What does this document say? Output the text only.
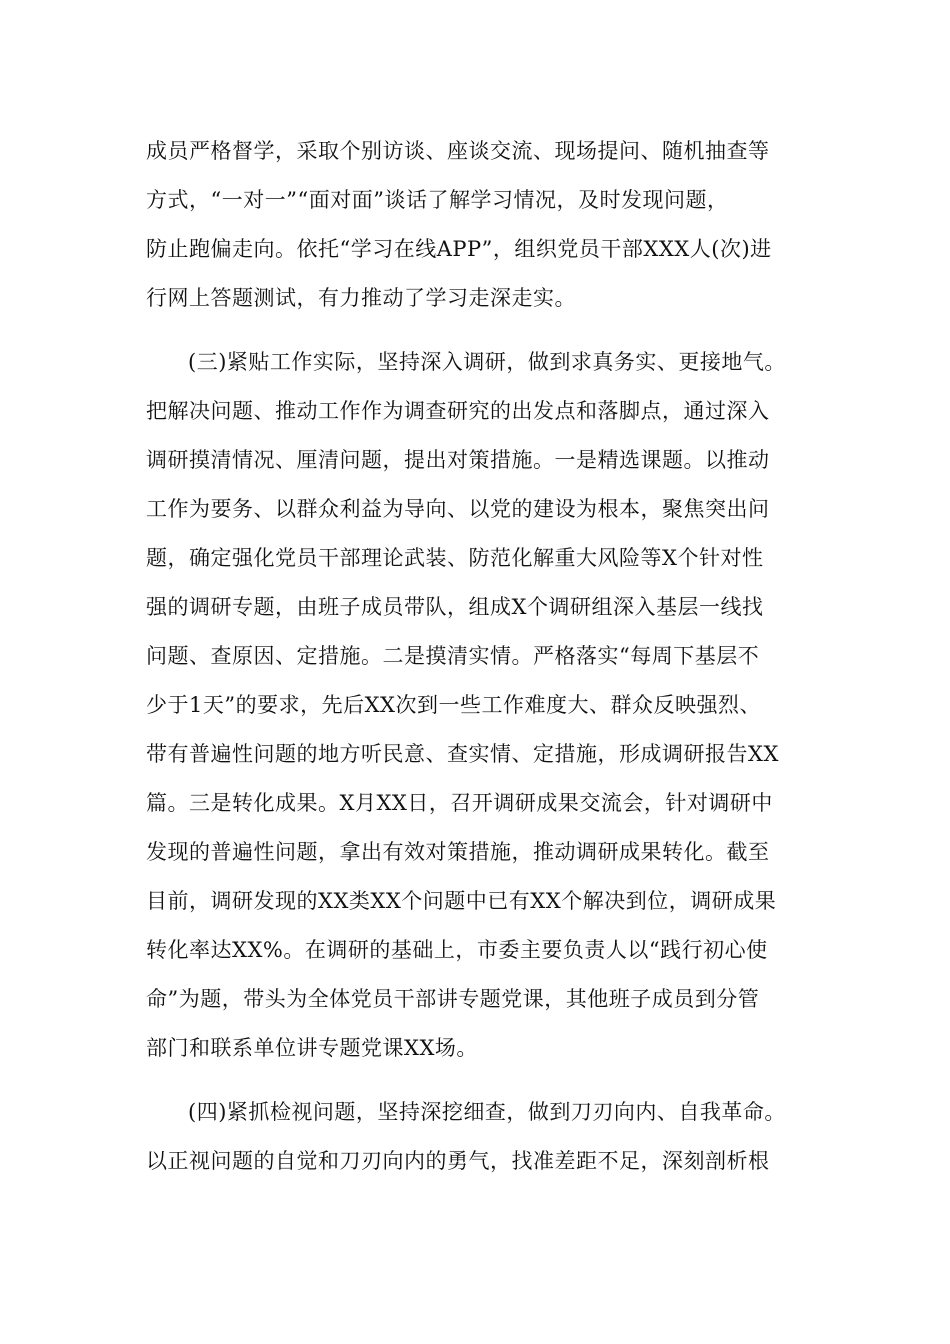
成员严格督学，采取个别访谈、座谈交流、现场提问、随机抽查等
方式，“一对一”“面对面”谈话了解学习情况，及时发现问题，
防止跑偏走向。依托“学习在线APP”，组织党员干部XXX人(次)进
行网上答题测试，有力推动了学习走深走实。
(三)紧贴工作实际，坚持深入调研，做到求真务实、更接地气。
把解决问题、推动工作作为调查研究的出发点和落脚点，通过深入
调研摸清情况、厘清问题，提出对策措施。一是精选课题。以推动
工作为要务、以群众利益为导向、以党的建设为根本，聚焦突出问
题，确定强化党员干部理论武装、防范化解重大风险等X个针对性
强的调研专题，由班子成员带队，组成X个调研组深入基层一线找
问题、查原因、定措施。二是摸清实情。严格落实“每周下基层不
少于1天”的要求，先后XX次到一些工作难度大、群众反映强烈、
带有普遍性问题的地方听民意、查实情、定措施，形成调研报告XX
篇。三是转化成果。X月XX日，召开调研成果交流会，针对调研中
发现的普遍性问题，拿出有效对策措施，推动调研成果转化。截至
目前，调研发现的XX类XX个问题中已有XX个解决到位，调研成果
转化率达XX%。在调研的基础上，市委主要负责人以“践行初心使
命”为题，带头为全体党员干部讲专题党课，其他班子成员到分管
部门和联系单位讲专题党课XX场。
(四)紧抓检视问题，坚持深挖细查，做到刀刃向内、自我革命。
以正视问题的自觉和刀刃向内的勇气，找准差距不足，深刻剖析根
